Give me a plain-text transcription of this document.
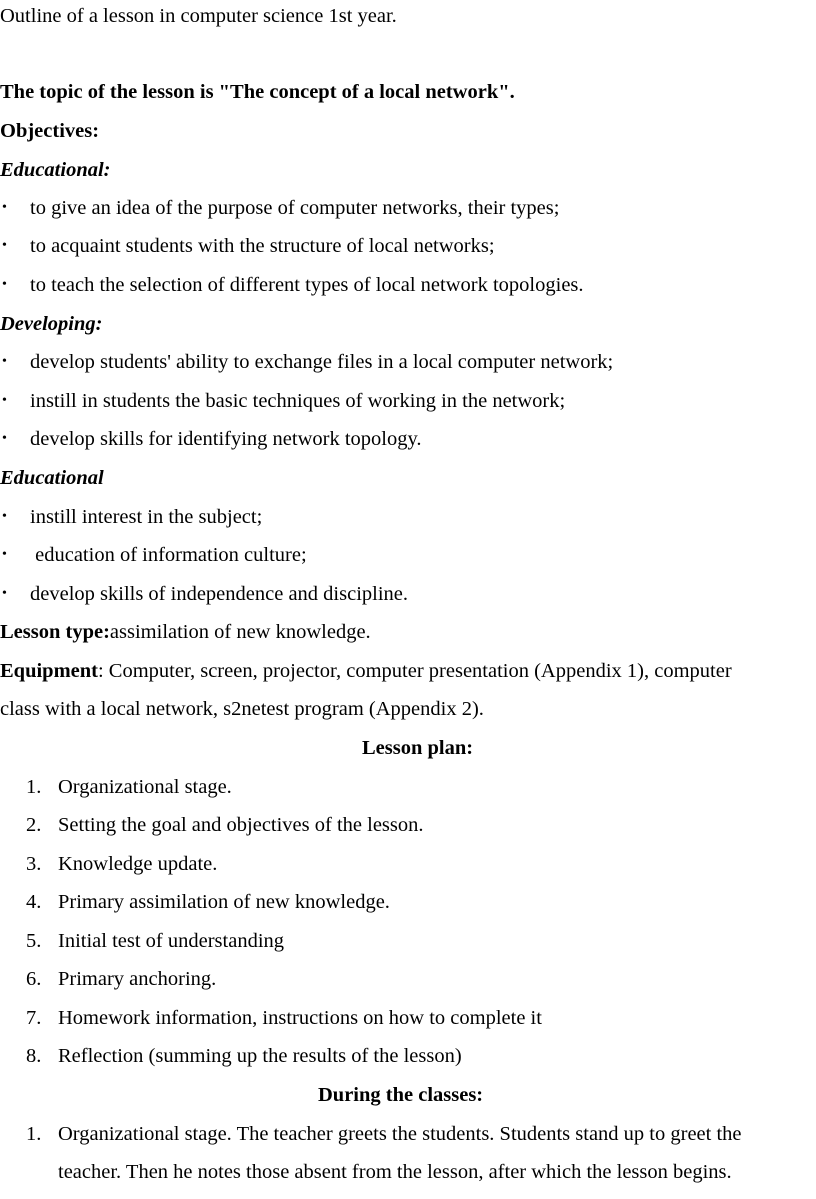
Outline of a lesson in computer science 1st year.
The topic of the lesson is "The concept of a local network".
Objectives:
Educational:
• to give an idea of the purpose of computer networks, their types;
• to acquaint students with the structure of local networks;
• to teach the selection of different types of local network topologies.
Developing:
• develop students' ability to exchange files in a local computer network;
• instill in students the basic techniques of working in the network;
• develop skills for identifying network topology.
Educational
• instill interest in the subject;
• education of information culture;
• develop skills of independence and discipline.
Lesson type:assimilation of new knowledge.
Equipment: Computer, screen, projector, computer presentation (Appendix 1), computer
class with a local network, s2netest program (Appendix 2).
Lesson plan:
1. Organizational stage.
2. Setting the goal and objectives of the lesson.
3. Knowledge update.
4. Primary assimilation of new knowledge.
5. Initial test of understanding
6. Primary anchoring.
7. Homework information, instructions on how to complete it
8. Reflection (summing up the results of the lesson)
During the classes:
1. Organizational stage. The teacher greets the students. Students stand up to greet the
teacher. Then he notes those absent from the lesson, after which the lesson begins.
